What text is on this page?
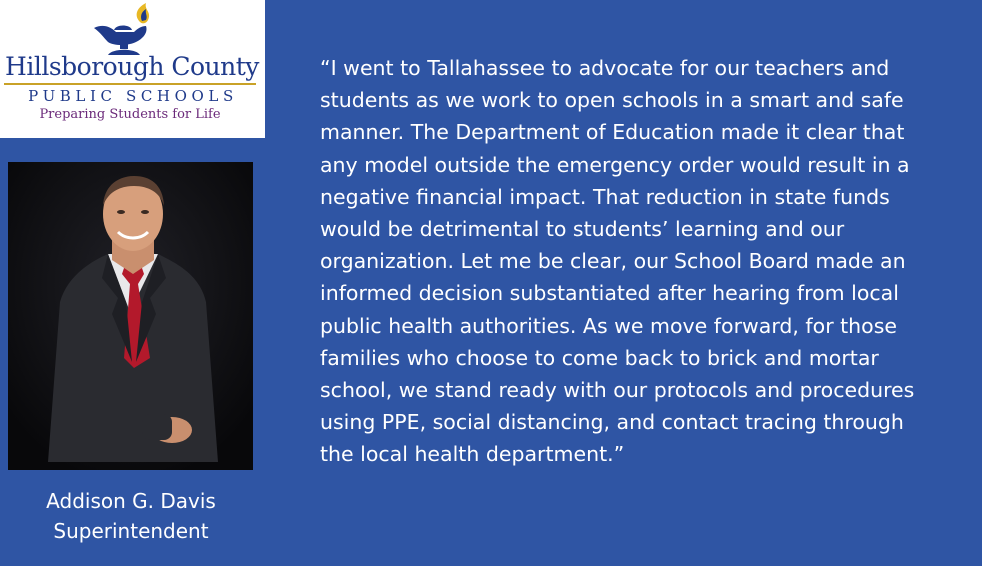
Hillsborough County
PUBLIC SCHOOLS
Preparing Students for Life
Addison G. Davis
Superintendent

“I went to Tallahassee to advocate for our teachers and students as we work to open schools in a smart and safe manner. The Department of Education made it clear that any model outside the emergency order would result in a negative financial impact. That reduction in state funds would be detrimental to students’ learning and our organization. Let me be clear, our School Board made an informed decision substantiated after hearing from local public health authorities. As we move forward, for those families who choose to come back to brick and mortar school, we stand ready with our protocols and procedures using PPE, social distancing, and contact tracing through the local health department.”
